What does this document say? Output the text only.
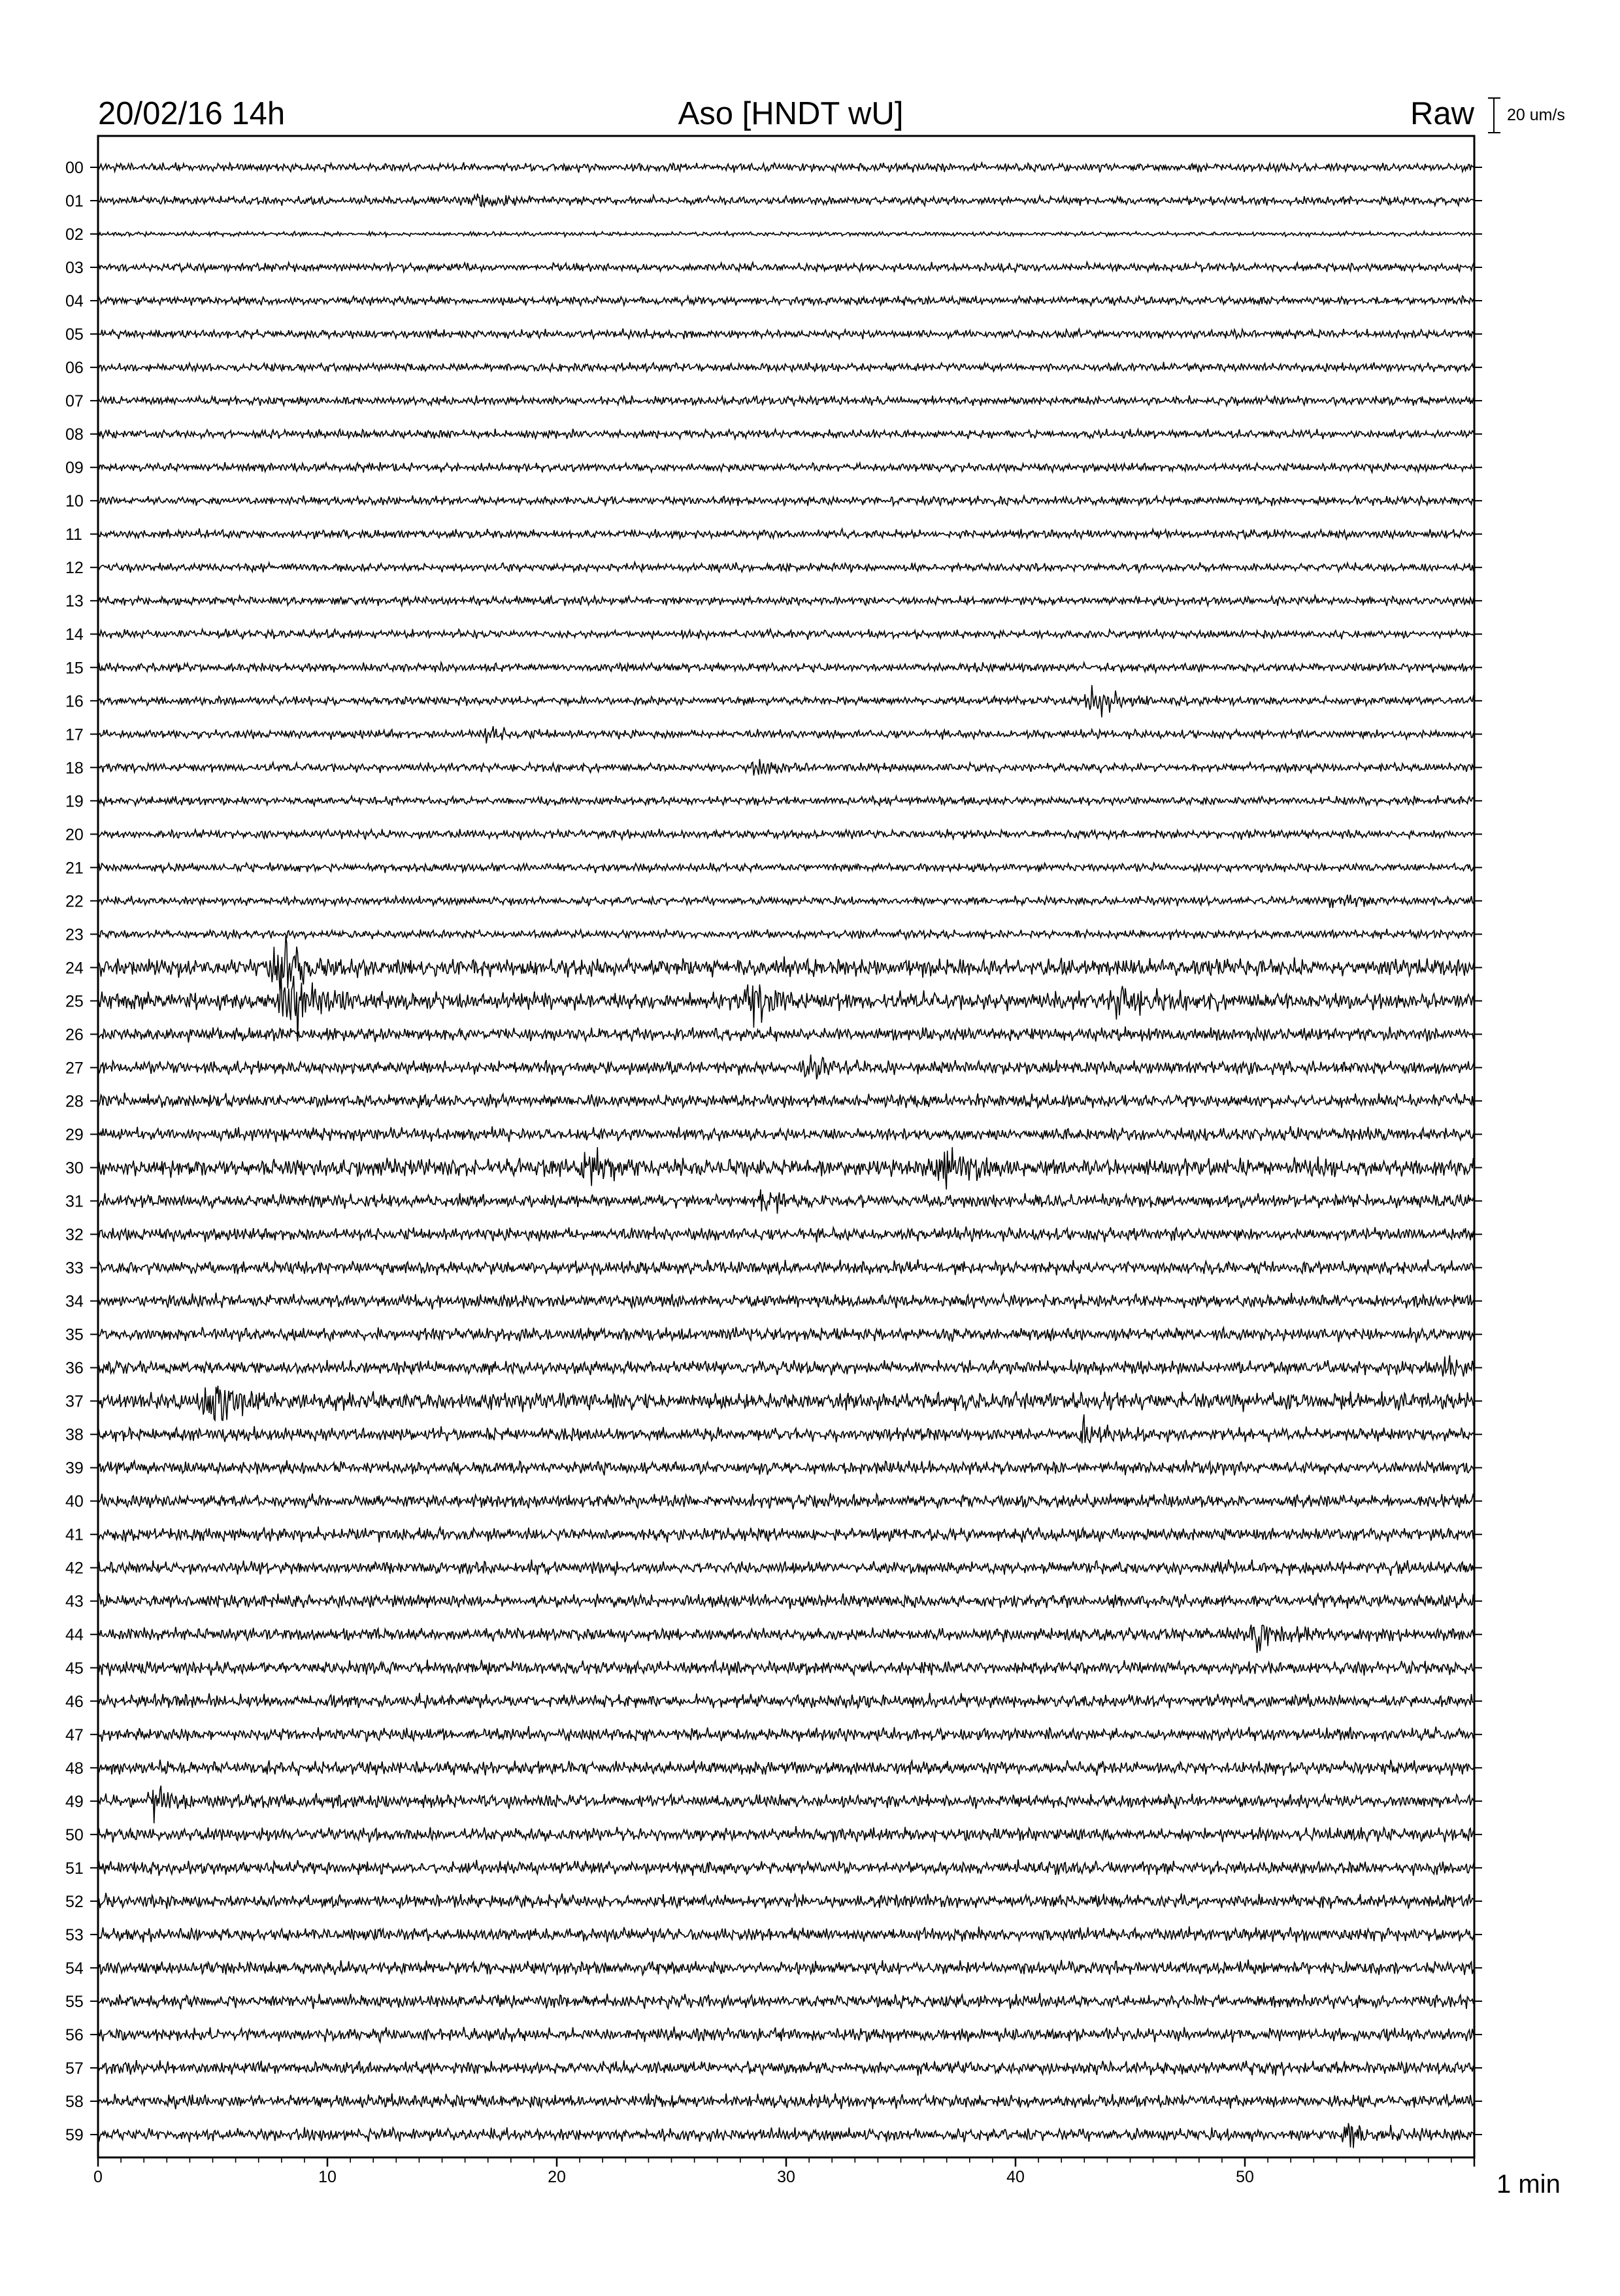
20/02/16 14h	Aso [HNDT wU]	Raw 20 um/s
00
01
02
03
04
05
06
07
08
09
10
11
12
13
14
15
16
17
18
19
20
21
22
23
24
25
26
27
28
29
30
31
32
33
34
35
36
37
38
39
40
41
42
43
44
45
46
47
48
49
50
51
52
53
54
55
56
57
58
59
0	10	20	30	40	50	1 min
